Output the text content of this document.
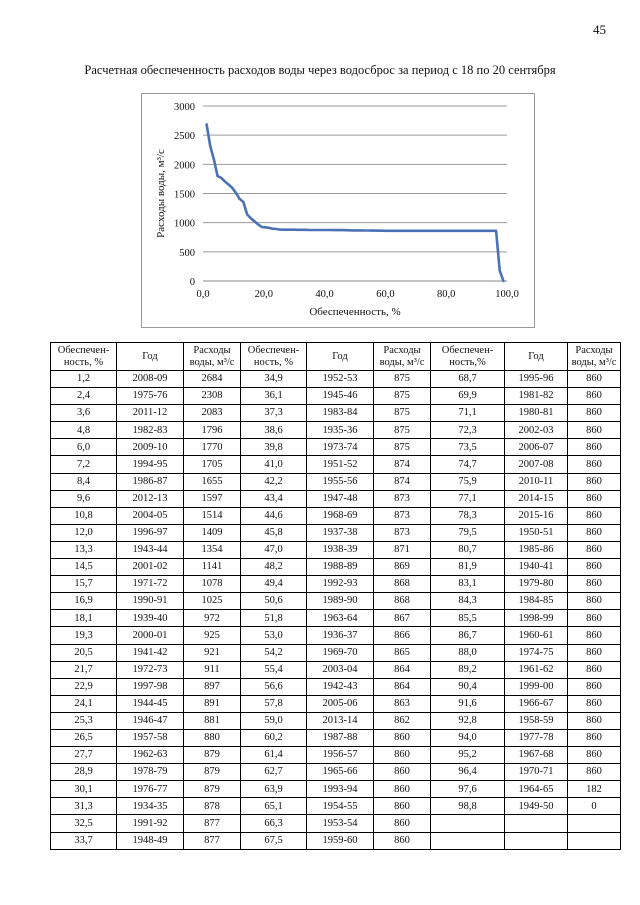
45
Расчетная обеспеченность расходов воды через водосброс за период с 18 по 20 сентября
0
500
1000
1500
2000
2500
3000
0,0	20,0	40,0	60,0	80,0	100,0
Обеспеченность, %
Расходы воды, м³/с
Обеспечен-ность, %	Год	Расходы воды, м³/с	Обеспечен-ность, %	Год	Расходы воды, м³/с	Обеспечен-ность,%	Год	Расходы воды, м³/с
1,2	2008-09	2684	34,9	1952-53	875	68,7	1995-96	860
2,4	1975-76	2308	36,1	1945-46	875	69,9	1981-82	860
3,6	2011-12	2083	37,3	1983-84	875	71,1	1980-81	860
4,8	1982-83	1796	38,6	1935-36	875	72,3	2002-03	860
6,0	2009-10	1770	39,8	1973-74	875	73,5	2006-07	860
7,2	1994-95	1705	41,0	1951-52	874	74,7	2007-08	860
8,4	1986-87	1655	42,2	1955-56	874	75,9	2010-11	860
9,6	2012-13	1597	43,4	1947-48	873	77,1	2014-15	860
10,8	2004-05	1514	44,6	1968-69	873	78,3	2015-16	860
12,0	1996-97	1409	45,8	1937-38	873	79,5	1950-51	860
13,3	1943-44	1354	47,0	1938-39	871	80,7	1985-86	860
14,5	2001-02	1141	48,2	1988-89	869	81,9	1940-41	860
15,7	1971-72	1078	49,4	1992-93	868	83,1	1979-80	860
16,9	1990-91	1025	50,6	1989-90	868	84,3	1984-85	860
18,1	1939-40	972	51,8	1963-64	867	85,5	1998-99	860
19,3	2000-01	925	53,0	1936-37	866	86,7	1960-61	860
20,5	1941-42	921	54,2	1969-70	865	88,0	1974-75	860
21,7	1972-73	911	55,4	2003-04	864	89,2	1961-62	860
22,9	1997-98	897	56,6	1942-43	864	90,4	1999-00	860
24,1	1944-45	891	57,8	2005-06	863	91,6	1966-67	860
25,3	1946-47	881	59,0	2013-14	862	92,8	1958-59	860
26,5	1957-58	880	60,2	1987-88	860	94,0	1977-78	860
27,7	1962-63	879	61,4	1956-57	860	95,2	1967-68	860
28,9	1978-79	879	62,7	1965-66	860	96,4	1970-71	860
30,1	1976-77	879	63,9	1993-94	860	97,6	1964-65	182
31,3	1934-35	878	65,1	1954-55	860	98,8	1949-50	0
32,5	1991-92	877	66,3	1953-54	860			
33,7	1948-49	877	67,5	1959-60	860			
